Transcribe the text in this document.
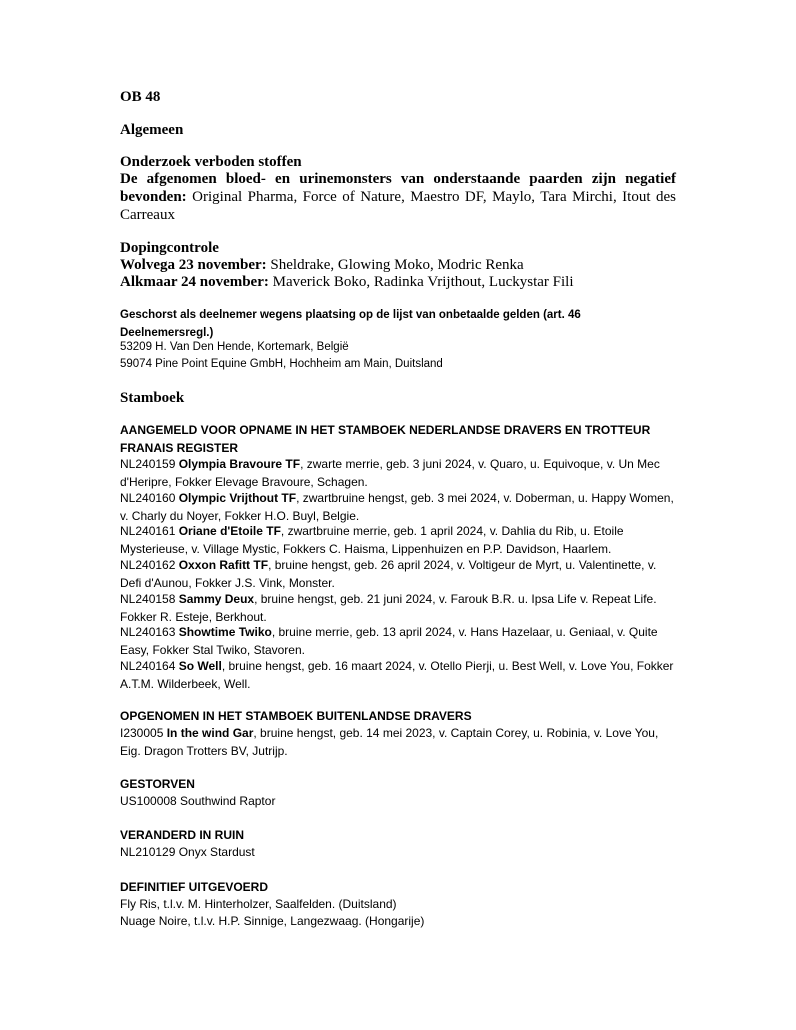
OB 48

Algemeen

Onderzoek verboden stoffen

De afgenomen bloed- en urinemonsters van onderstaande paarden zijn negatief bevonden: Original Pharma, Force of Nature, Maestro DF, Maylo, Tara Mirchi, Itout des Carreaux

Dopingcontrole

Wolvega 23 november: Sheldrake, Glowing Moko, Modric Renka

Alkmaar 24 november: Maverick Boko, Radinka Vrijthout, Luckystar Fili

Geschorst als deelnemer wegens plaatsing op de lijst van onbetaalde gelden (art. 46 Deelnemersregl.)

53209 H. Van Den Hende, Kortemark, België

59074 Pine Point Equine GmbH, Hochheim am Main, Duitsland

Stamboek

AANGEMELD VOOR OPNAME IN HET STAMBOEK NEDERLANDSE DRAVERS EN TROTTEUR FRANAIS REGISTER

NL240159 Olympia Bravoure TF, zwarte merrie, geb. 3 juni 2024, v. Quaro, u. Equivoque, v. Un Mec d'Heripre, Fokker Elevage Bravoure, Schagen.

NL240160 Olympic Vrijthout TF, zwartbruine hengst, geb. 3 mei 2024, v. Doberman, u. Happy Women, v. Charly du Noyer, Fokker H.O. Buyl, Belgie.

NL240161 Oriane d'Etoile TF, zwartbruine merrie, geb. 1 april 2024, v. Dahlia du Rib, u. Etoile Mysterieuse, v. Village Mystic, Fokkers C. Haisma, Lippenhuizen en P.P. Davidson, Haarlem.

NL240162 Oxxon Rafitt TF, bruine hengst, geb. 26 april 2024, v. Voltigeur de Myrt, u. Valentinette, v. Defi d'Aunou, Fokker J.S. Vink, Monster.

NL240158 Sammy Deux, bruine hengst, geb. 21 juni 2024, v. Farouk B.R. u. Ipsa Life v. Repeat Life. Fokker R. Esteje, Berkhout.

NL240163 Showtime Twiko, bruine merrie, geb. 13 april 2024, v. Hans Hazelaar, u. Geniaal, v. Quite Easy, Fokker Stal Twiko, Stavoren.

NL240164 So Well, bruine hengst, geb. 16 maart 2024, v. Otello Pierji, u. Best Well, v. Love You, Fokker A.T.M. Wilderbeek, Well.

OPGENOMEN IN HET STAMBOEK BUITENLANDSE DRAVERS

I230005 In the wind Gar, bruine hengst, geb. 14 mei 2023, v. Captain Corey, u. Robinia, v. Love You, Eig. Dragon Trotters BV, Jutrijp.

GESTORVEN

US100008 Southwind Raptor

VERANDERD IN RUIN

NL210129 Onyx Stardust

DEFINITIEF UITGEVOERD

Fly Ris, t.l.v. M. Hinterholzer, Saalfelden. (Duitsland)

Nuage Noire, t.l.v. H.P. Sinnige, Langezwaag. (Hongarije)
